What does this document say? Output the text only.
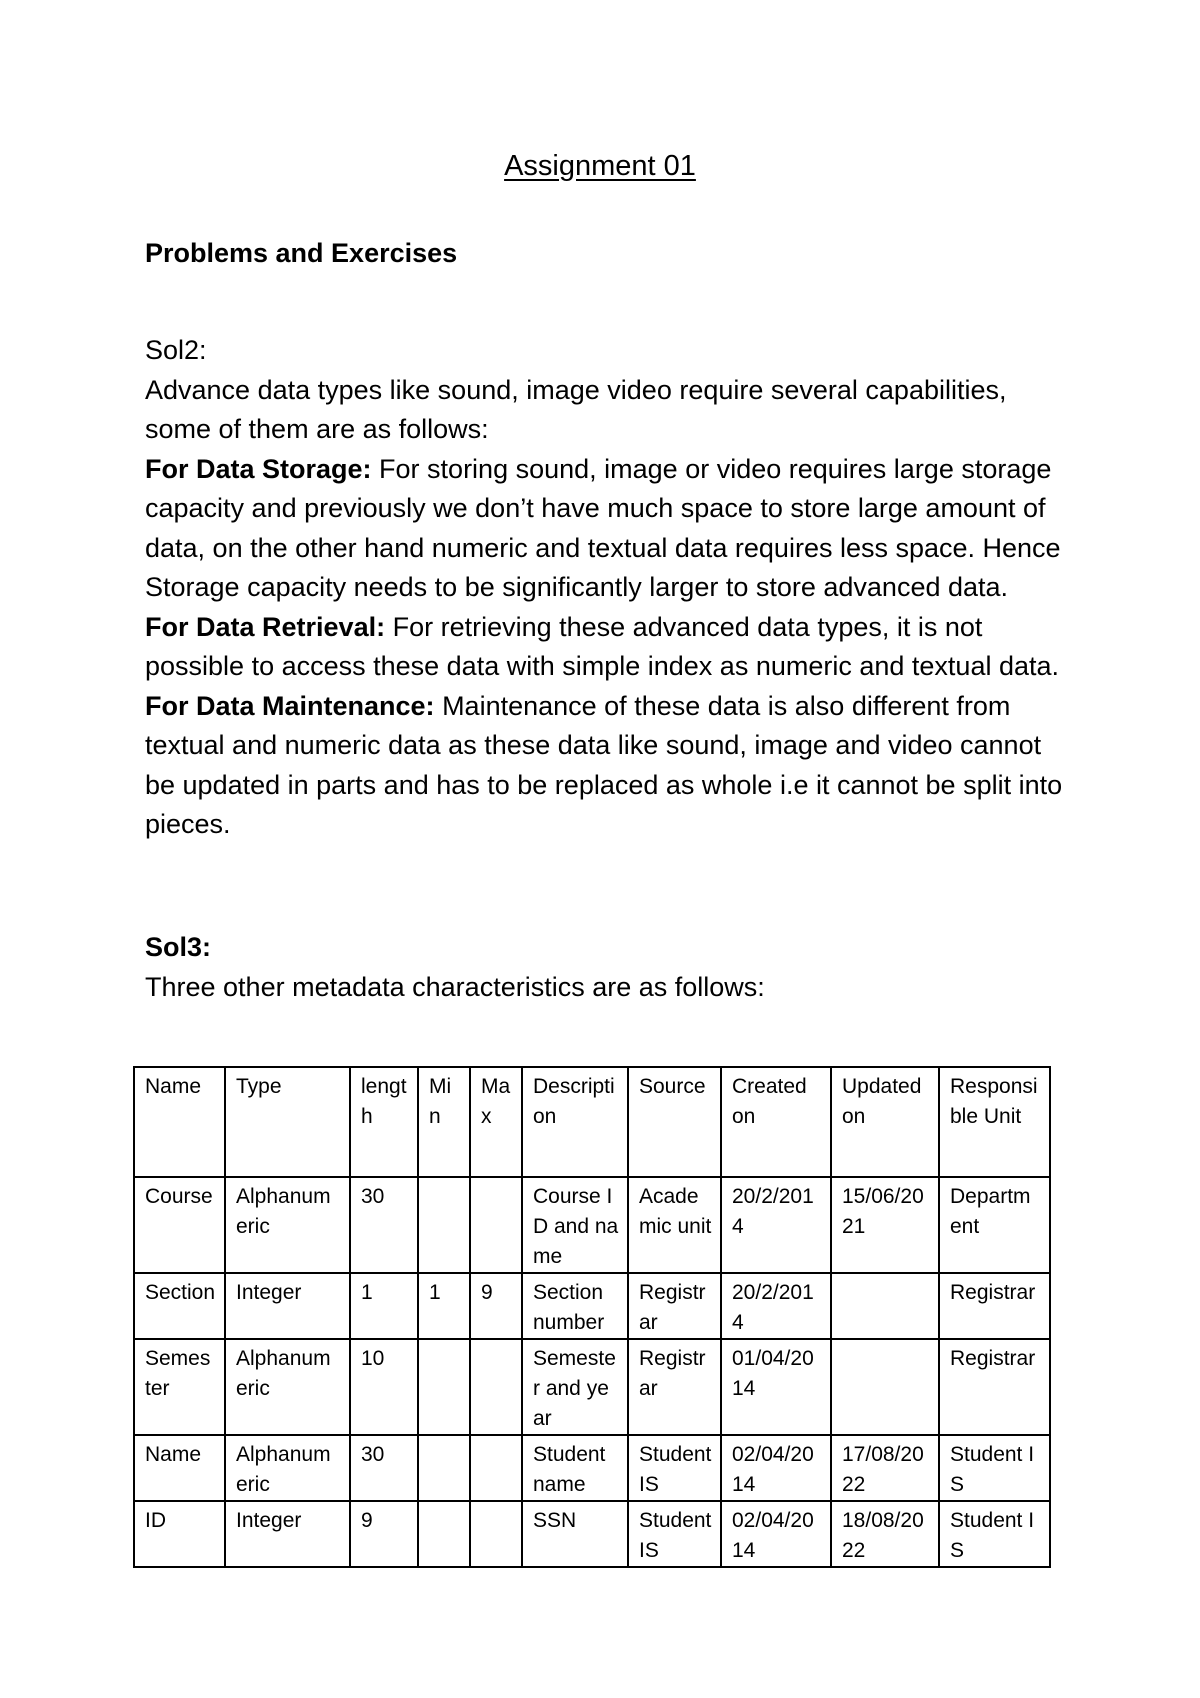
Assignment 01
Problems and Exercises

Sol2:

Advance data types like sound, image video require several capabilities, some of them are as follows:

For Data Storage: For storing sound, image or video requires large storage capacity and previously we don’t have much space to store large amount of data, on the other hand numeric and textual data requires less space. Hence Storage capacity needs to be significantly larger to store advanced data.

For Data Retrieval: For retrieving these advanced data types, it is not possible to access these data with simple index as numeric and textual data.

For Data Maintenance: Maintenance of these data is also different from textual and numeric data as these data like sound, image and video cannot be updated in parts and has to be replaced as whole i.e it cannot be split into pieces.

Sol3:

Three other metadata characteristics are as follows:

Name	Type	length	Min	Max	Description	Source	Created on	Updated on	Responsible Unit
Course	Alphanumeric	30			Course ID and name	Academic unit	20/2/2014	15/06/2021	Department
Section	Integer	1	1	9	Section number	Registrar	20/2/2014		Registrar
Semester	Alphanumeric	10			Semester and year	Registrar	01/04/2014		Registrar
Name	Alphanumeric	30			Student name	Student IS	02/04/2014	17/08/2022	Student IS
ID	Integer	9			SSN	Student IS	02/04/2014	18/08/2022	Student IS
